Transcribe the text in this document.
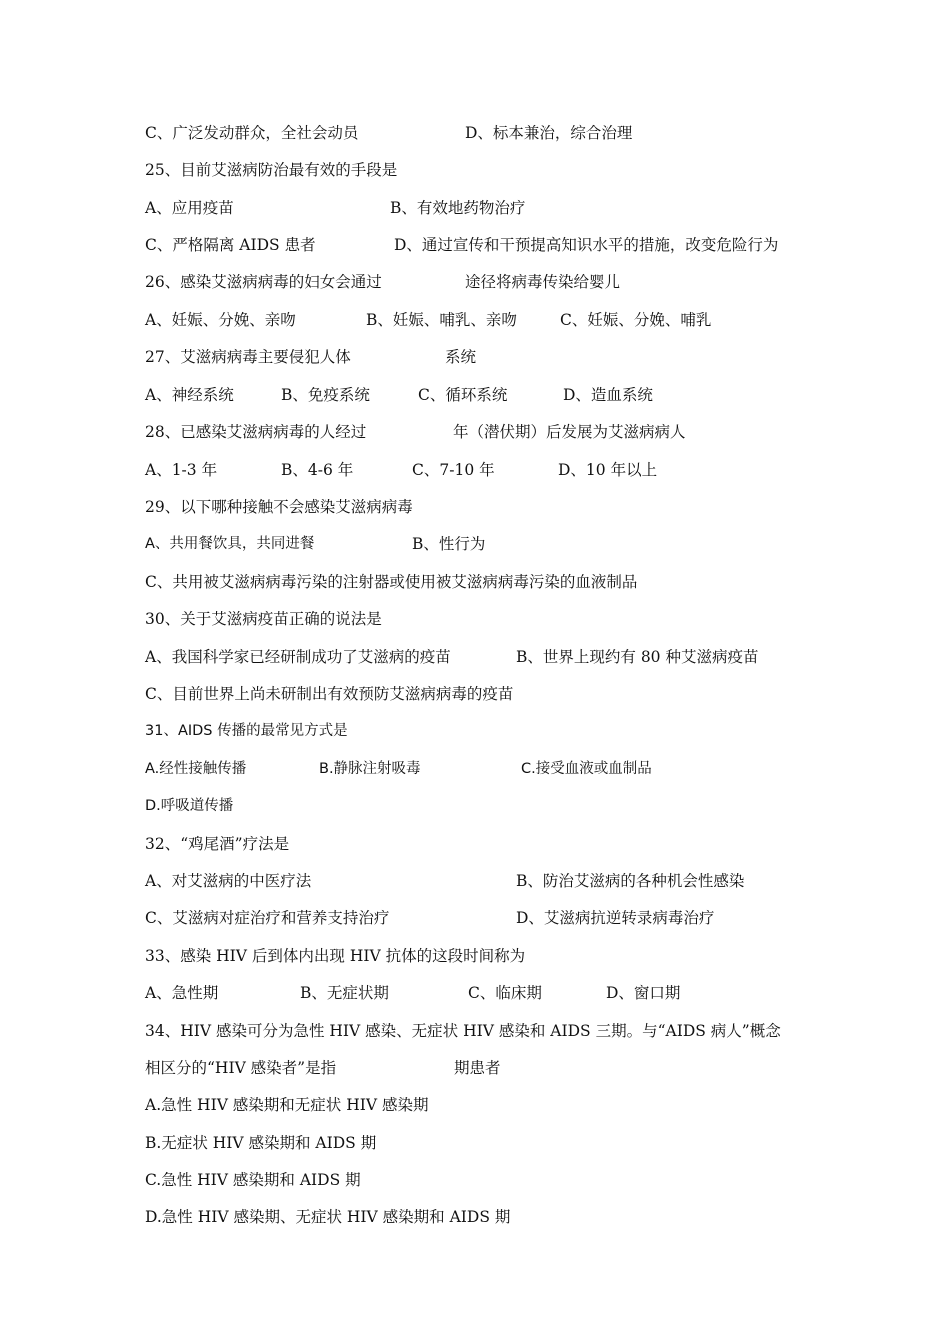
C、广泛发动群众，全社会动员	D、标本兼治，综合治理
25、目前艾滋病防治最有效的手段是
A、应用疫苗	B、有效地药物治疗
C、严格隔离 AIDS 患者	D、通过宣传和干预提高知识水平的措施，改变危险行为
26、感染艾滋病病毒的妇女会通过	途径将病毒传染给婴儿
A、妊娠、分娩、亲吻	B、妊娠、哺乳、亲吻	C、妊娠、分娩、哺乳
27、艾滋病病毒主要侵犯人体	系统
A、神经系统	B、免疫系统	C、循环系统	D、造血系统
28、已感染艾滋病病毒的人经过	年（潜伏期）后发展为艾滋病病人
A、1-3 年	B、4-6 年	C、7-10 年	D、10 年以上
29、以下哪种接触不会感染艾滋病病毒
A、共用餐饮具，共同进餐	B、性行为
C、共用被艾滋病病毒污染的注射器或使用被艾滋病病毒污染的血液制品
30、关于艾滋病疫苗正确的说法是
A、我国科学家已经研制成功了艾滋病的疫苗	B、世界上现约有 80 种艾滋病疫苗
C、目前世界上尚未研制出有效预防艾滋病病毒的疫苗
31、AIDS 传播的最常见方式是
A.经性接触传播	B.静脉注射吸毒	C.接受血液或血制品
D.呼吸道传播
32、“鸡尾酒”疗法是
A、对艾滋病的中医疗法	B、防治艾滋病的各种机会性感染
C、艾滋病对症治疗和营养支持治疗	D、艾滋病抗逆转录病毒治疗
33、感染 HIV 后到体内出现 HIV 抗体的这段时间称为
A、急性期	B、无症状期	C、临床期	D、窗口期
34、HIV 感染可分为急性 HIV 感染、无症状 HIV 感染和 AIDS 三期。与“AIDS 病人”概念
相区分的“HIV 感染者”是指	期患者
A.急性 HIV 感染期和无症状 HIV 感染期
B.无症状 HIV 感染期和 AIDS 期
C.急性 HIV 感染期和 AIDS 期
D.急性 HIV 感染期、无症状 HIV 感染期和 AIDS 期
